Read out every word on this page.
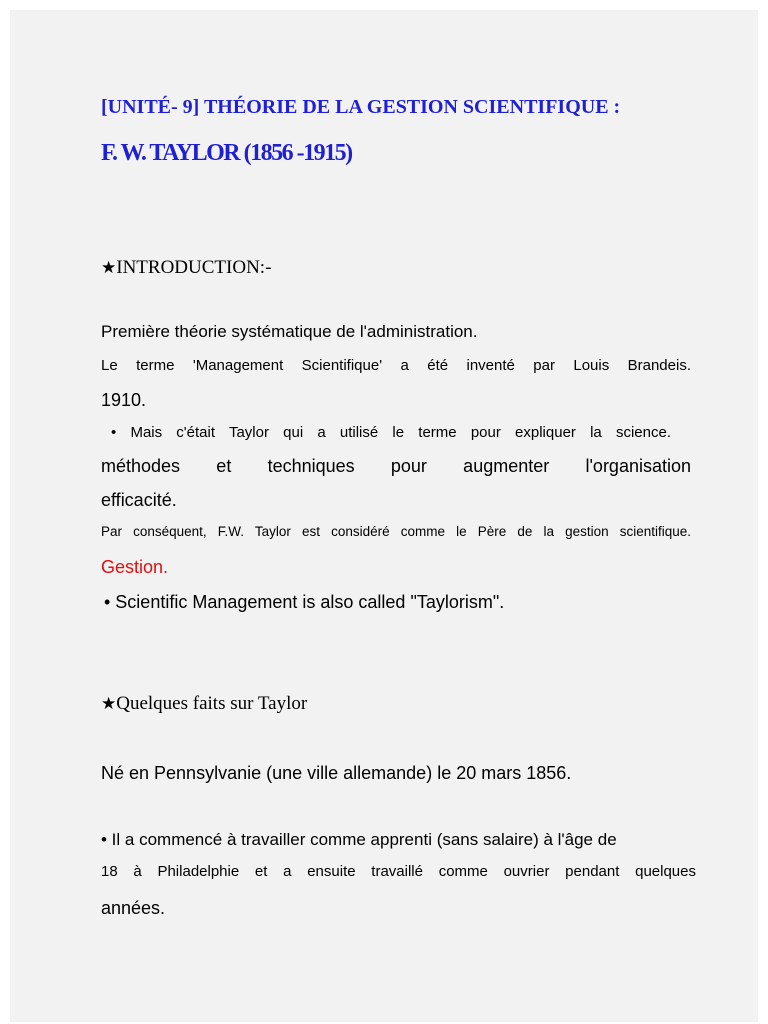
[UNITÉ- 9] THÉORIE DE LA GESTION SCIENTIFIQUE :

F. W. TAYLOR (1856 -1915)

★INTRODUCTION:-

Première théorie systématique de l'administration.

Le terme 'Management Scientifique' a été inventé par Louis Brandeis.

1910.

• Mais c'était Taylor qui a utilisé le terme pour expliquer la science.

méthodes et techniques pour augmenter l'organisation

efficacité.

Par conséquent, F.W. Taylor est considéré comme le Père de la gestion scientifique.

Gestion.

• Scientific Management is also called "Taylorism".

★Quelques faits sur Taylor

Né en Pennsylvanie (une ville allemande) le 20 mars 1856.

• Il a commencé à travailler comme apprenti (sans salaire) à l'âge de

18 à Philadelphie et a ensuite travaillé comme ouvrier pendant quelques

années.
